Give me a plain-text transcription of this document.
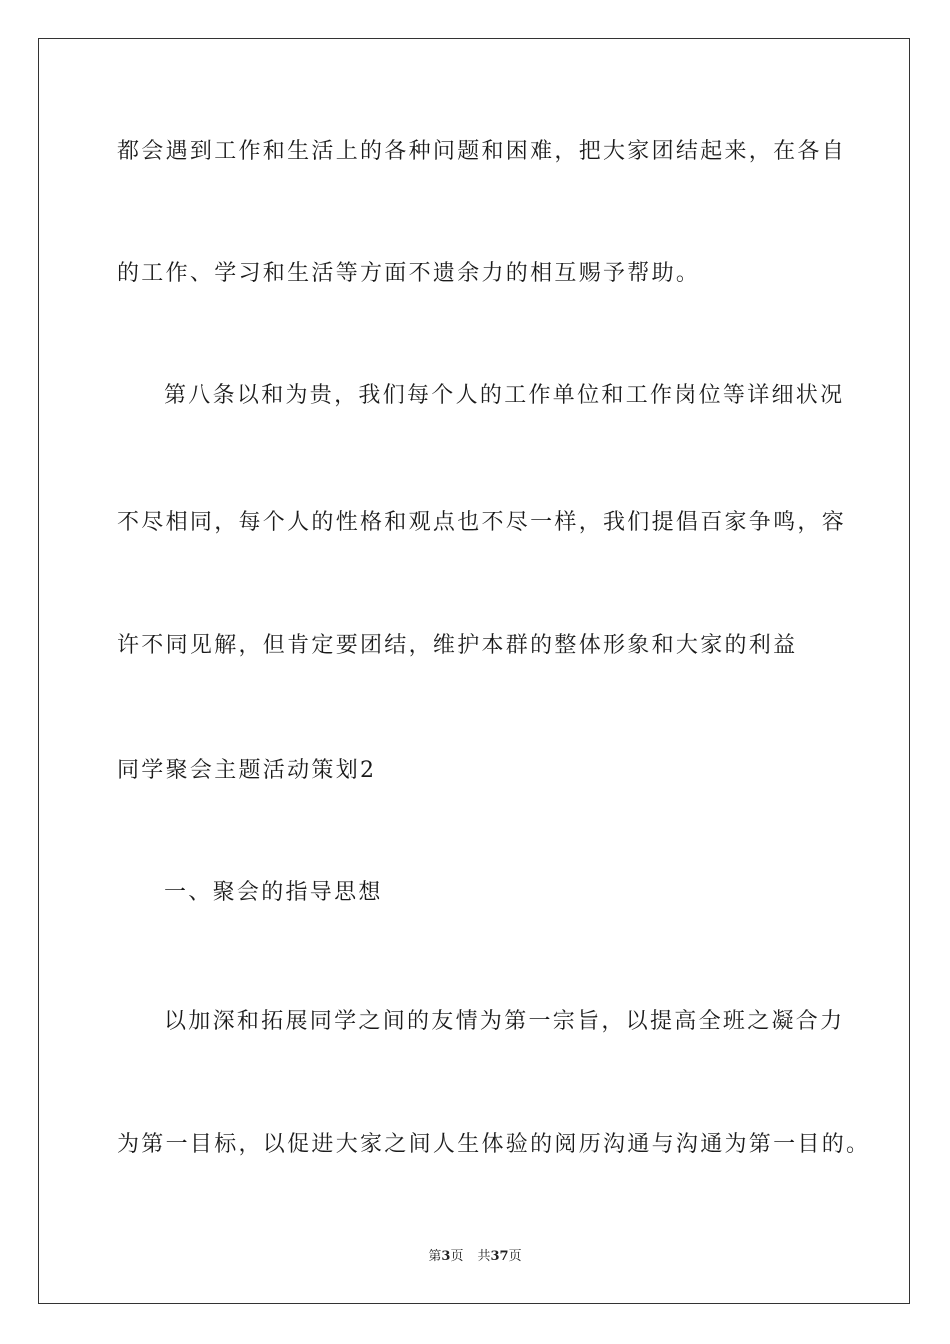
都会遇到工作和生活上的各种问题和困难，把大家团结起来，在各自
的工作、学习和生活等方面不遗余力的相互赐予帮助。
第八条以和为贵，我们每个人的工作单位和工作岗位等详细状况
不尽相同，每个人的性格和观点也不尽一样，我们提倡百家争鸣，容
许不同见解，但肯定要团结，维护本群的整体形象和大家的利益
同学聚会主题活动策划2
一、聚会的指导思想
以加深和拓展同学之间的友情为第一宗旨，以提高全班之凝合力
为第一目标，以促进大家之间人生体验的阅历沟通与沟通为第一目的。
第3页 共37页
